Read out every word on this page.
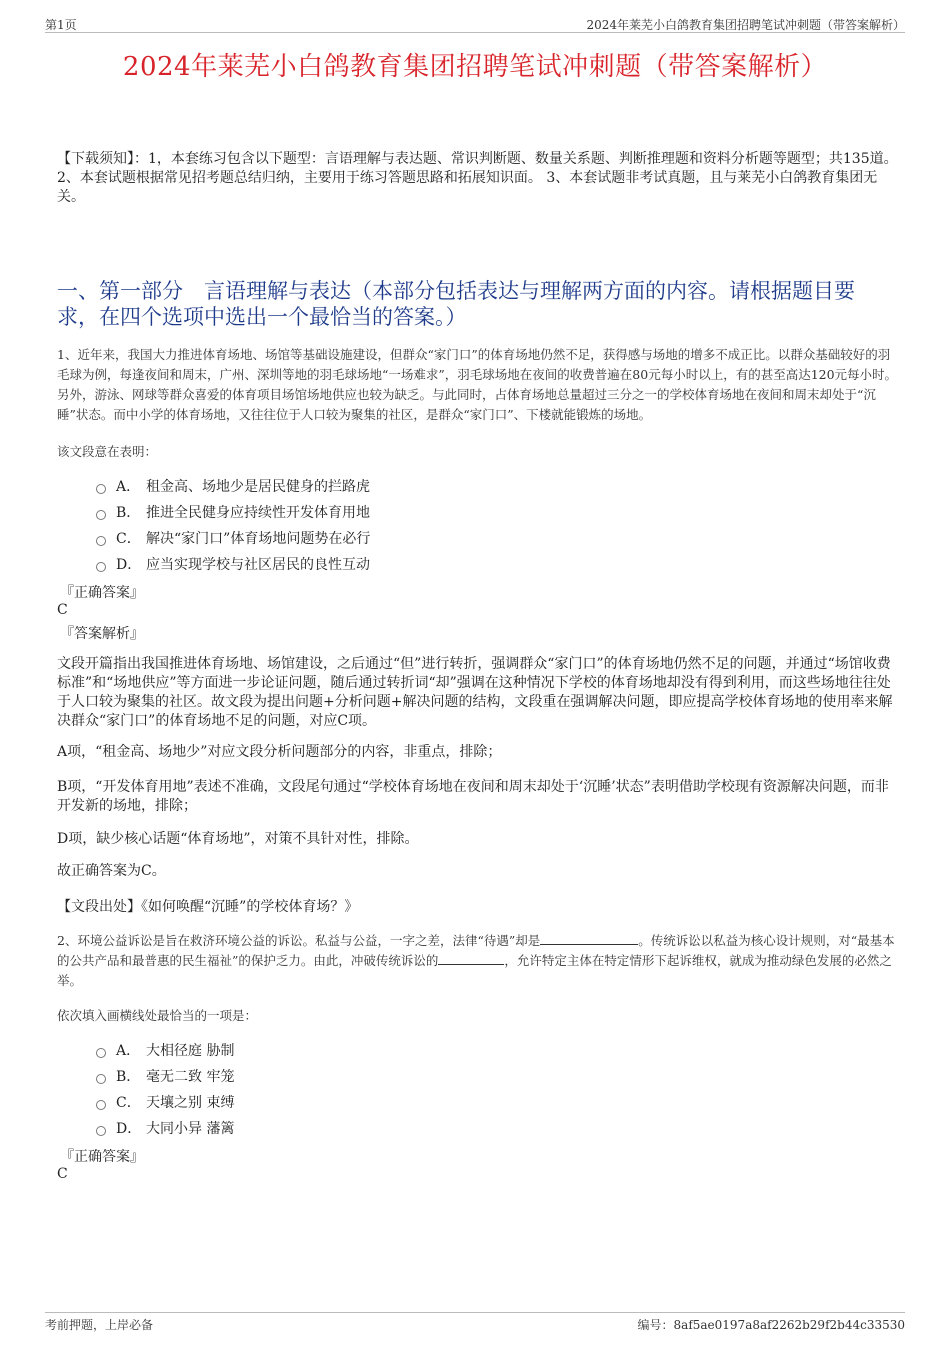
第1页	2024年莱芜小白鸽教育集团招聘笔试冲刺题（带答案解析）
2024年莱芜小白鸽教育集团招聘笔试冲刺题（带答案解析）
【下载须知】：1，本套练习包含以下题型：言语理解与表达题、常识判断题、数量关系题、判断推理题和资料分析题等题型；共135道。 2、本套试题根据常见招考题总结归纳，主要用于练习答题思路和拓展知识面。 3、本套试题非考试真题，且与莱芜小白鸽教育集团无关。
一、第一部分　言语理解与表达（本部分包括表达与理解两方面的内容。请根据题目要求，在四个选项中选出一个最恰当的答案。）
1、近年来，我国大力推进体育场地、场馆等基础设施建设，但群众“家门口”的体育场地仍然不足，获得感与场地的增多不成正比。以群众基础较好的羽毛球为例，每逢夜间和周末，广州、深圳等地的羽毛球场地“一场难求”，羽毛球场地在夜间的收费普遍在80元每小时以上，有的甚至高达120元每小时。另外，游泳、网球等群众喜爱的体育项目场馆场地供应也较为缺乏。与此同时，占体育场地总量超过三分之一的学校体育场地在夜间和周末却处于“沉睡”状态。而中小学的体育场地，又往往位于人口较为聚集的社区，是群众“家门口”、下楼就能锻炼的场地。
该文段意在表明：
A． 租金高、场地少是居民健身的拦路虎
B． 推进全民健身应持续性开发体育用地
C． 解决“家门口”体育场地问题势在必行
D． 应当实现学校与社区居民的良性互动
『正确答案』
C
『答案解析』
文段开篇指出我国推进体育场地、场馆建设，之后通过“但”进行转折，强调群众“家门口”的体育场地仍然不足的问题，并通过“场馆收费标准”和“场地供应”等方面进一步论证问题，随后通过转折词“却”强调在这种情况下学校的体育场地却没有得到利用，而这些场地往往处于人口较为聚集的社区。故文段为提出问题+分析问题+解决问题的结构，文段重在强调解决问题，即应提高学校体育场地的使用率来解决群众“家门口”的体育场地不足的问题，对应C项。
A项，“租金高、场地少”对应文段分析问题部分的内容，非重点，排除；
B项，“开发体育用地”表述不准确，文段尾句通过“学校体育场地在夜间和周末却处于‘沉睡’状态”表明借助学校现有资源解决问题，而非开发新的场地，排除；
D项，缺少核心话题“体育场地”，对策不具针对性，排除。
故正确答案为C。
【文段出处】《如何唤醒“沉睡”的学校体育场？》
2、环境公益诉讼是旨在救济环境公益的诉讼。私益与公益，一字之差，法律“待遇”却是	。传统诉讼以私益为核心设计规则，对“最基本的公共产品和最普惠的民生福祉”的保护乏力。由此，冲破传统诉讼的	，允许特定主体在特定情形下起诉维权，就成为推动绿色发展的必然之举。
依次填入画横线处最恰当的一项是：
A． 大相径庭 胁制
B． 毫无二致 牢笼
C． 天壤之别 束缚
D． 大同小异 藩篱
『正确答案』
C
考前押题，上岸必备	编号：8af5ae0197a8af2262b29f2b44c33530
